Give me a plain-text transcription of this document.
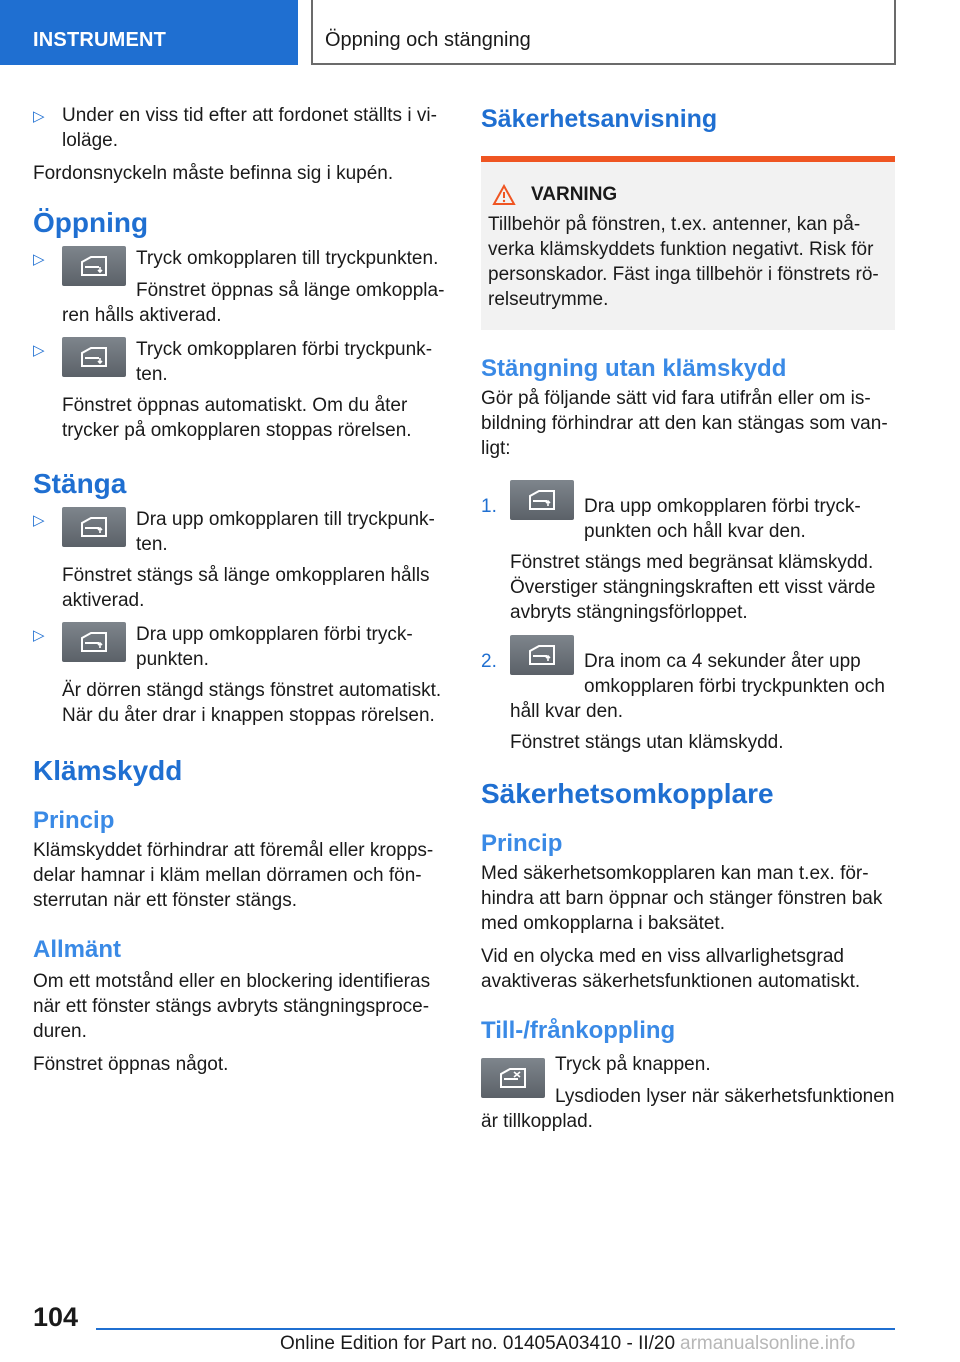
INSTRUMENT	Öppning och stängning
▷ Under en viss tid efter att fordonet ställts i viloläge.

Fordonsnyckeln måste befinna sig i kupén.

Öppning
▷	Tryck omkopplaren till tryckpunkten.
Fönstret öppnas så länge omkopplaren hålls aktiverad.
▷	Tryck omkopplaren förbi tryckpunkten.
Fönstret öppnas automatiskt. Om du åter trycker på omkopplaren stoppas rörelsen.
Stänga
▷	Dra upp omkopplaren till tryckpunkten.
Fönstret stängs så länge omkopplaren hålls aktiverad.
▷	Dra upp omkopplaren förbi tryckpunkten.
Är dörren stängd stängs fönstret automatiskt. När du åter drar i knappen stoppas rörelsen.
Klämskydd
Princip

Klämskyddet förhindrar att föremål eller kroppsdelar hamnar i kläm mellan dörramen och fönsterrutan när ett fönster stängs.

Allmänt

Om ett motstånd eller en blockering identifieras när ett fönster stängs avbryts stängningsproceduren.

Fönstret öppnas något.

Säkerhetsanvisning
VARNING

Tillbehör på fönstren, t.ex. antenner, kan påverka klämskyddets funktion negativt. Risk för personskador. Fäst inga tillbehör i fönstrets rörelseutrymme.

Stängning utan klämskydd

Gör på följande sätt vid fara utifrån eller om isbildning förhindrar att den kan stängas som vanligt:

1.	Dra upp omkopplaren förbi tryckpunkten och håll kvar den.
Fönstret stängs med begränsat klämskydd. Överstiger stängningskraften ett visst värde avbryts stängningsförloppet.
2.	Dra inom ca 4 sekunder åter upp omkopplaren förbi tryckpunkten och håll kvar den.
Fönstret stängs utan klämskydd.
Säkerhetsomkopplare
Princip

Med säkerhetsomkopplaren kan man t.ex. förhindra att barn öppnar och stänger fönstren bak med omkopplarna i baksätet.

Vid en olycka med en viss allvarlighetsgrad avaktiveras säkerhetsfunktionen automatiskt.

Till-/frånkoppling
Tryck på knappen.
Lysdioden lyser när säkerhetsfunktionen är tillkopplad.
104
Online Edition for Part no. 01405A03410 - II/20 armanualsonline.info
